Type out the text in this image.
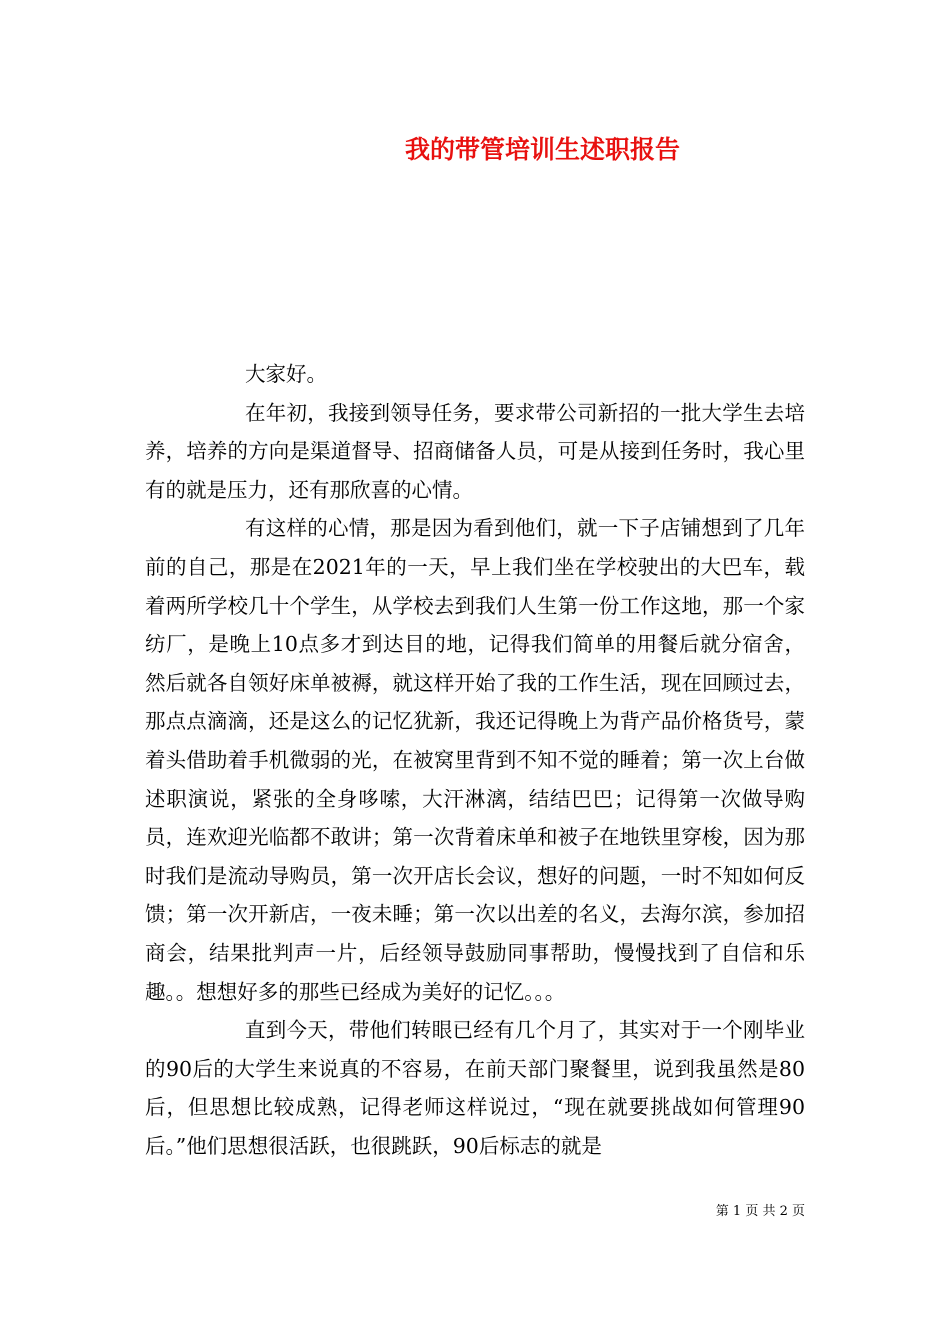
我的带管培训生述职报告

大家好。

在年初，我接到领导任务，要求带公司新招的一批大学生去培养，培养的方向是渠道督导、招商储备人员，可是从接到任务时，我心里有的就是压力，还有那欣喜的心情。

有这样的心情，那是因为看到他们，就一下子店铺想到了几年前的自己，那是在2021年的一天，早上我们坐在学校驶出的大巴车，载着两所学校几十个学生，从学校去到我们人生第一份工作这地，那一个家纺厂，是晚上10点多才到达目的地，记得我们简单的用餐后就分宿舍，然后就各自领好床单被褥，就这样开始了我的工作生活，现在回顾过去，那点点滴滴，还是这么的记忆犹新，我还记得晚上为背产品价格货号，蒙着头借助着手机微弱的光，在被窝里背到不知不觉的睡着；第一次上台做述职演说，紧张的全身哆嗦，大汗淋漓，结结巴巴；记得第一次做导购员，连欢迎光临都不敢讲；第一次背着床单和被子在地铁里穿梭，因为那时我们是流动导购员，第一次开店长会议，想好的问题，一时不知如何反馈；第一次开新店，一夜未睡；第一次以出差的名义，去海尔滨，参加招商会，结果批判声一片，后经领导鼓励同事帮助，慢慢找到了自信和乐趣。。想想好多的那些已经成为美好的记忆。。。

直到今天，带他们转眼已经有几个月了，其实对于一个刚毕业的90后的大学生来说真的不容易，在前天部门聚餐里，说到我虽然是80后，但思想比较成熟，记得老师这样说过，“现在就要挑战如何管理90后。”他们思想很活跃，也很跳跃，90后标志的就是

第 1 页 共 2 页
